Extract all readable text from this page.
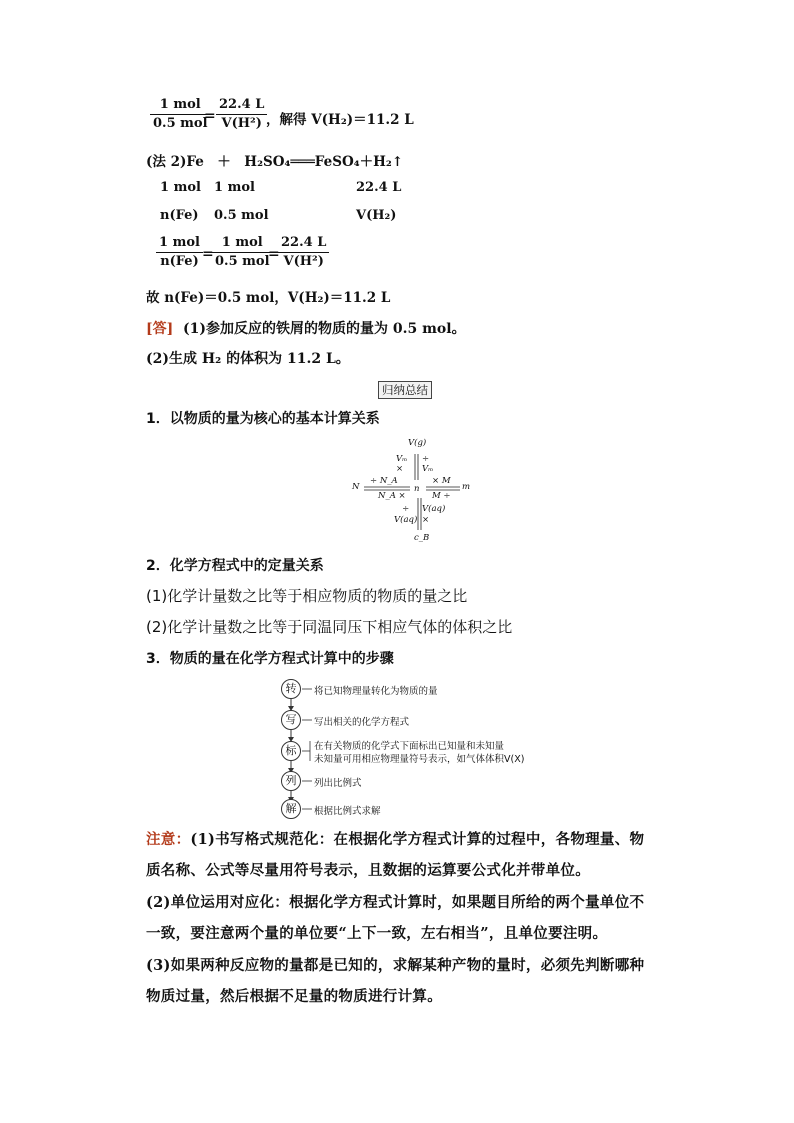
1 mol
0.5 mol
= $\frac{22.4 L}{\text{V(H²)}}$
，解得 V(H₂)＝11.2 L
(法 2)Fe　＋　H₂SO₄═══FeSO₄＋H₂↑
1 mol 1 mol	22.4 L
n(Fe) 0.5 mol	V(H₂)
1 mol
n(Fe) =
1 mol
0.5 mol
=
$\frac{22.4 L}{\text{V(H²)}}$
故 n(Fe)＝0.5 mol，V(H₂)＝11.2 L
[答] (1)参加反应的铁屑的物质的量为 0.5 mol。
(2)生成 H₂ 的体积为 11.2 L。
归纳总结
1．以物质的量为核心的基本计算关系
V(g)
Vₘ
×
÷
Vₘ
N
÷ N_A
N_A ×
n
× M
M ÷
m
÷
V(aq)
V(aq)
×
c_B
2．化学方程式中的定量关系
(1)化学计量数之比等于相应物质的物质的量之比
(2)化学计量数之比等于同温同压下相应气体的体积之比
3．物质的量在化学方程式计算中的步骤
转	将已知物理量转化为物质的量
写	写出相关的化学方程式
标	在有关物质的化学式下面标出已知量和未知量
未知量可用相应物理量符号表示，如气体体积V(X)
列	列出比例式
解	根据比例式求解
注意：(1)书写格式规范化：在根据化学方程式计算的过程中，各物理量、物
质名称、公式等尽量用符号表示，且数据的运算要公式化并带单位。
(2)单位运用对应化：根据化学方程式计算时，如果题目所给的两个量单位不
一致，要注意两个量的单位要“上下一致，左右相当”，且单位要注明。
(3)如果两种反应物的量都是已知的，求解某种产物的量时，必须先判断哪种
物质过量，然后根据不足量的物质进行计算。
